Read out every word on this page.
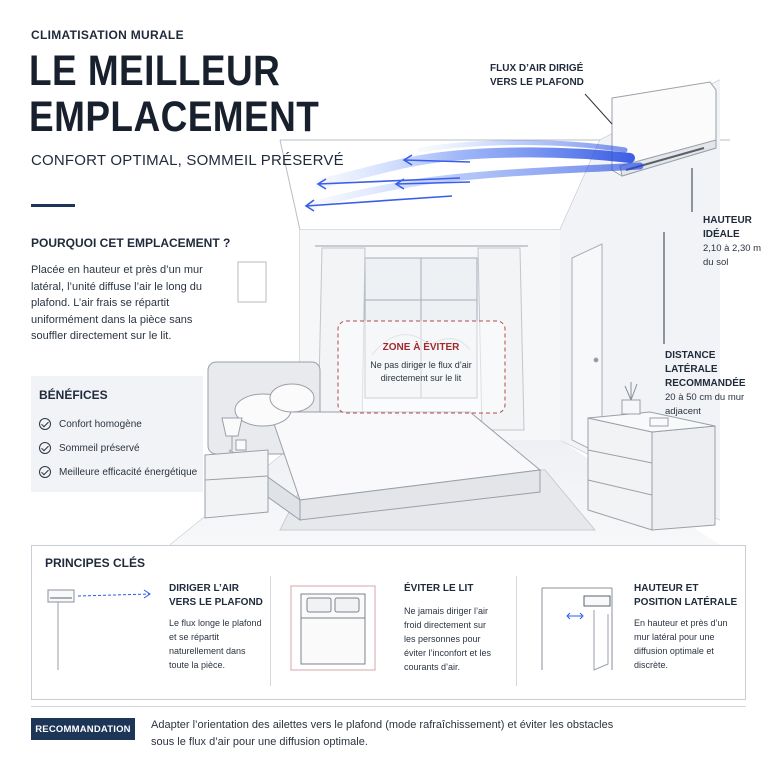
CLIMATISATION MURALE
LE MEILLEUR
EMPLACEMENT
CONFORT OPTIMAL, SOMMEIL PRÉSERVÉ
POURQUOI CET EMPLACEMENT ?
Placée en hauteur et près d’un mur latéral, l’unité diffuse l’air le long du plafond. L’air frais se répartit uniformément dans la pièce sans souffler directement sur le lit.
BÉNÉFICES
Confort homogène
Sommeil préservé
Meilleure efficacité énergétique
FLUX D’AIR DIRIGÉ
VERS LE PLAFOND
HAUTEUR
IDÉALE
2,10 à 2,30 m
du sol
DISTANCE LATÉRALE
RECOMMANDÉE
20 à 50 cm du mur
adjacent
ZONE À ÉVITER
Ne pas diriger le flux d’air
directement sur le lit
PRINCIPES CLÉS
DIRIGER L’AIR
VERS LE PLAFOND
Le flux longe le plafond
et se répartit
naturellement dans
toute la pièce.
ÉVITER LE LIT
Ne jamais diriger l’air
froid directement sur
les personnes pour
éviter l’inconfort et les
courants d’air.
HAUTEUR ET
POSITION LATÉRALE
En hauteur et près d’un
mur latéral pour une
diffusion optimale et
discrète.
RECOMMANDATION	Adapter l’orientation des ailettes vers le plafond (mode rafraîchissement) et éviter les obstacles
sous le flux d’air pour une diffusion optimale.
